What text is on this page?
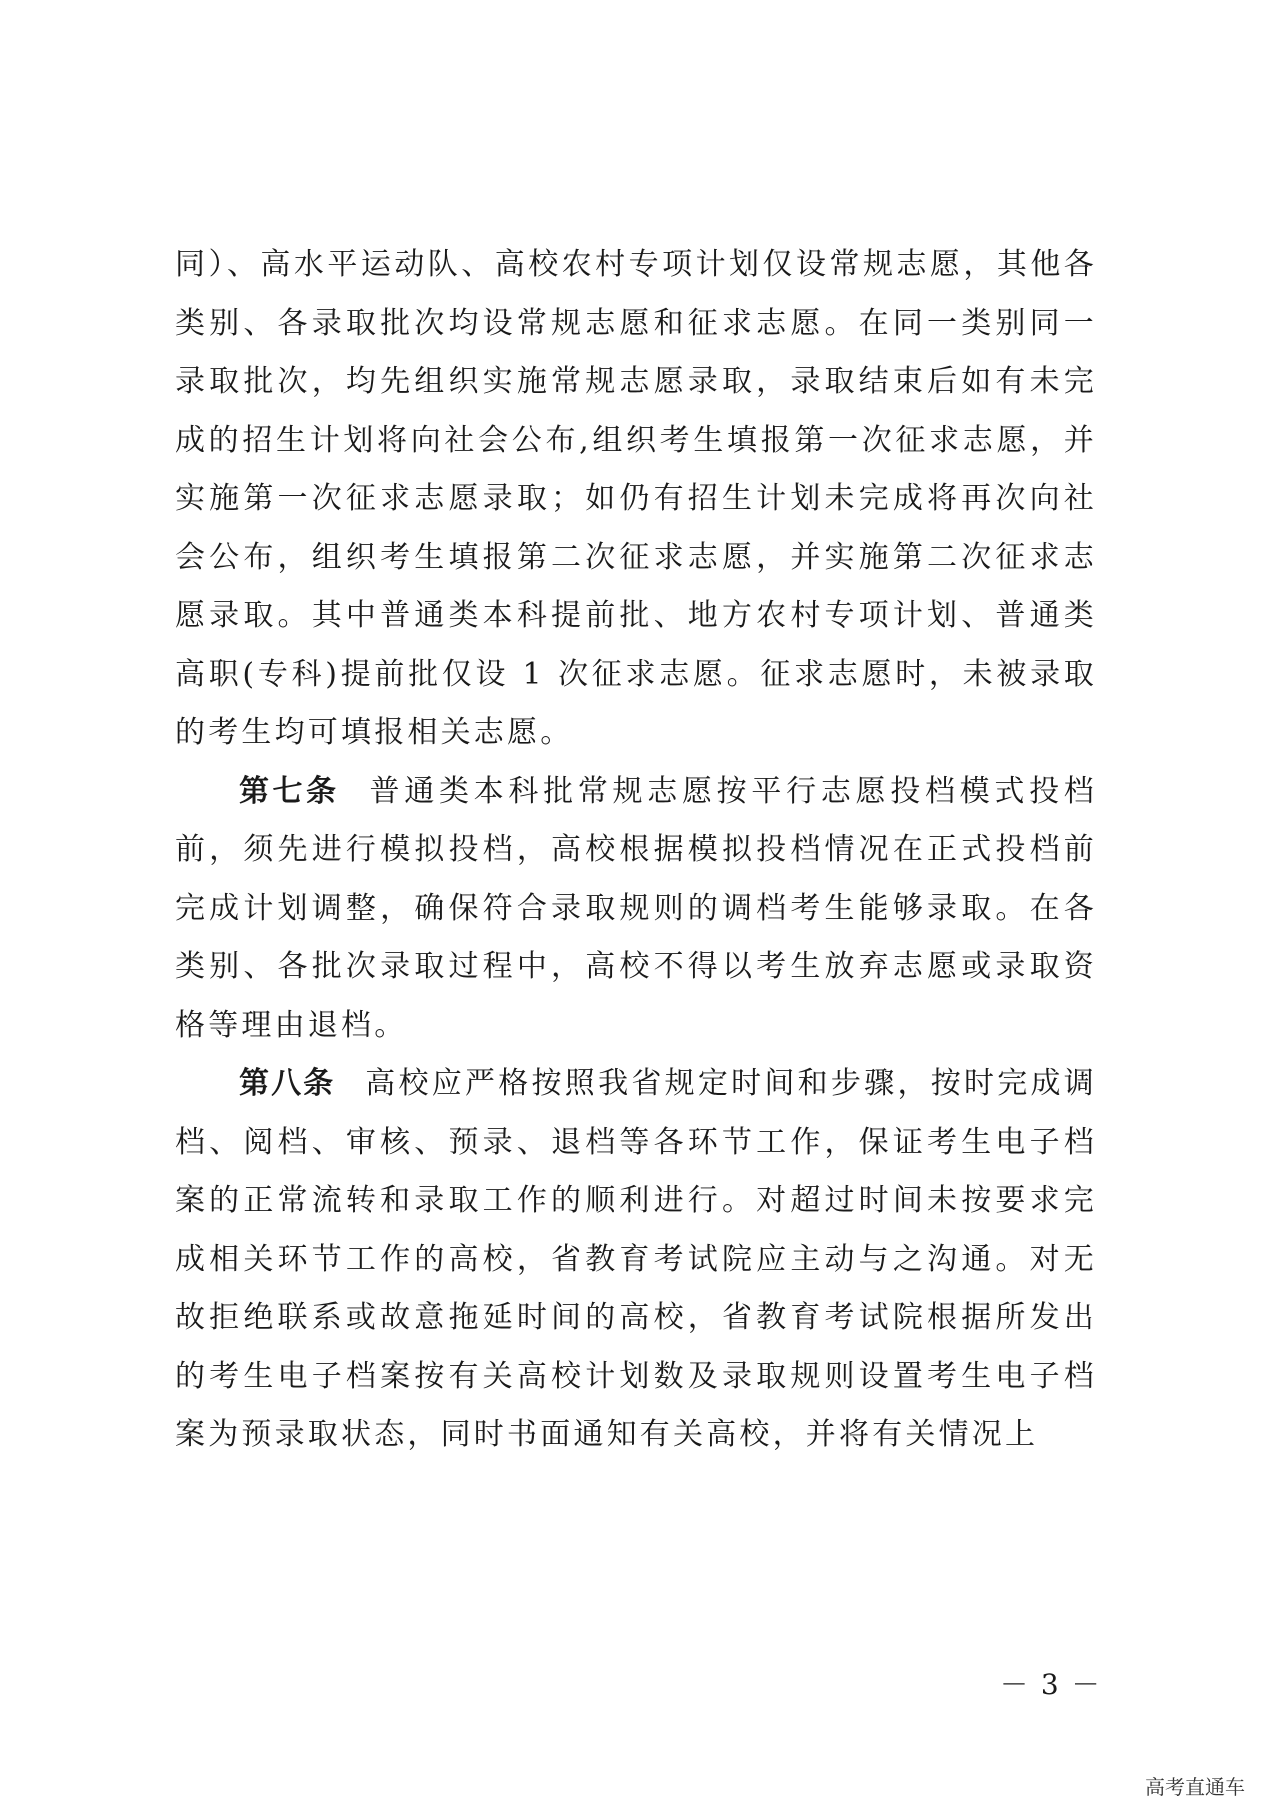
同）、高水平运动队、高校农村专项计划仅设常规志愿，其他各类别、各录取批次均设常规志愿和征求志愿。在同一类别同一录取批次，均先组织实施常规志愿录取，录取结束后如有未完成的招生计划将向社会公布,组织考生填报第一次征求志愿，并实施第一次征求志愿录取；如仍有招生计划未完成将再次向社会公布，组织考生填报第二次征求志愿，并实施第二次征求志愿录取。其中普通类本科提前批、地方农村专项计划、普通类高职(专科)提前批仅设 1 次征求志愿。征求志愿时，未被录取的考生均可填报相关志愿。

第七条 普通类本科批常规志愿按平行志愿投档模式投档前，须先进行模拟投档，高校根据模拟投档情况在正式投档前完成计划调整，确保符合录取规则的调档考生能够录取。在各类别、各批次录取过程中，高校不得以考生放弃志愿或录取资格等理由退档。

第八条 高校应严格按照我省规定时间和步骤，按时完成调档、阅档、审核、预录、退档等各环节工作，保证考生电子档案的正常流转和录取工作的顺利进行。对超过时间未按要求完成相关环节工作的高校，省教育考试院应主动与之沟通。对无故拒绝联系或故意拖延时间的高校，省教育考试院根据所发出的考生电子档案按有关高校计划数及录取规则设置考生电子档案为预录取状态，同时书面通知有关高校，并将有关情况上

－ 3 －
高考直通车
